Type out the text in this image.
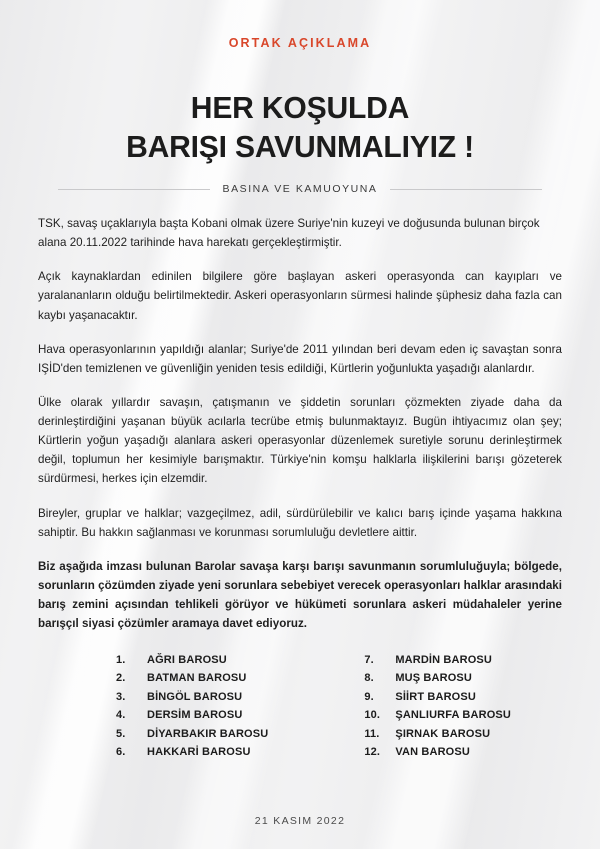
ORTAK AÇIKLAMA
HER KOŞULDA
BARIŞI SAVUNMALIYIZ !
BASINA VE KAMUOYUNA

TSK, savaş uçaklarıyla başta Kobani olmak üzere Suriye'nin kuzeyi ve doğusunda bulunan birçok alana 20.11.2022 tarihinde hava harekatı gerçekleştirmiştir.

Açık kaynaklardan edinilen bilgilere göre başlayan askeri operasyonda can kayıpları ve yaralananların olduğu belirtilmektedir. Askeri operasyonların sürmesi halinde şüphesiz daha fazla can kaybı yaşanacaktır.

Hava operasyonlarının yapıldığı alanlar; Suriye'de 2011 yılından beri devam eden iç savaştan sonra IŞİD'den temizlenen ve güvenliğin yeniden tesis edildiği, Kürtlerin yoğunlukta yaşadığı alanlardır.

Ülke olarak yıllardır savaşın, çatışmanın ve şiddetin sorunları çözmekten ziyade daha da derinleştirdiğini yaşanan büyük acılarla tecrübe etmiş bulunmaktayız. Bugün ihtiyacımız olan şey; Kürtlerin yoğun yaşadığı alanlara askeri operasyonlar düzenlemek suretiyle sorunu derinleştirmek değil, toplumun her kesimiyle barışmaktır. Türkiye'nin komşu halklarla ilişkilerini barışı gözeterek sürdürmesi, herkes için elzemdir.

Bireyler, gruplar ve halklar; vazgeçilmez, adil, sürdürülebilir ve kalıcı barış içinde yaşama hakkına sahiptir. Bu hakkın sağlanması ve korunması sorumluluğu devletlere aittir.

Biz aşağıda imzası bulunan Barolar savaşa karşı barışı savunmanın sorumluluğuyla; bölgede, sorunların çözümden ziyade yeni sorunlara sebebiyet verecek operasyonları halklar arasındaki barış zemini açısından tehlikeli görüyor ve hükümeti sorunlara askeri müdahaleler yerine barışçıl siyasi çözümler aramaya davet ediyoruz.

1.	AĞRI BAROSU
2.	BATMAN BAROSU
3.	BİNGÖL BAROSU
4.	DERSİM BAROSU
5.	DİYARBAKIR BAROSU
6.	HAKKARİ BAROSU
7.	MARDİN BAROSU
8.	MUŞ BAROSU
9.	SİİRT BAROSU
10.	ŞANLIURFA BAROSU
11.	ŞIRNAK BAROSU
12.	VAN BAROSU
21 KASIM 2022
